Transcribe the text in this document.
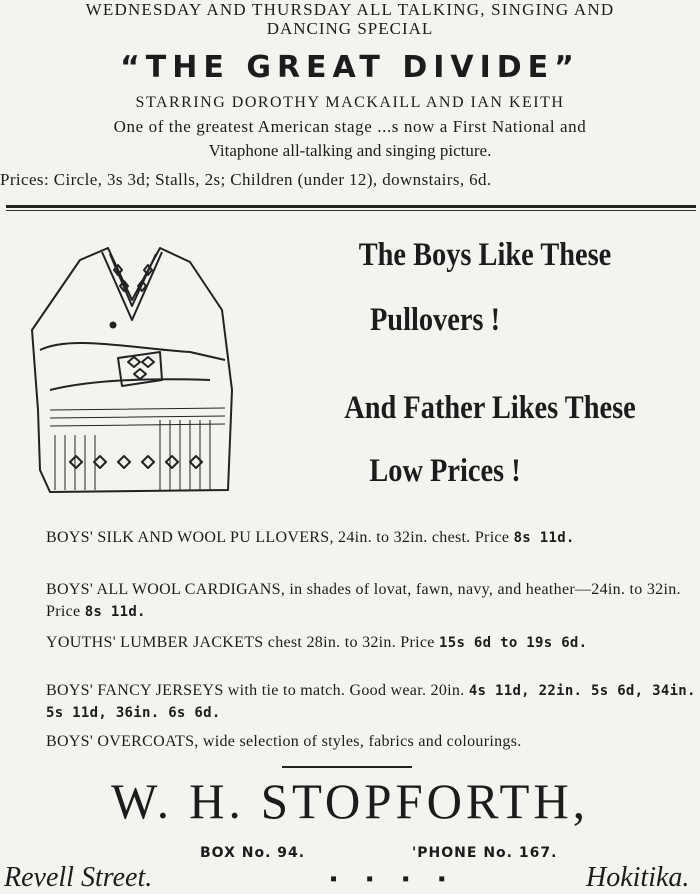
WEDNESDAY AND THURSDAY ALL TALKING, SINGING AND
DANCING SPECIAL
“THE GREAT DIVIDE”
STARRING DOROTHY MACKAILL AND IAN KEITH
One of the greatest American stage ...s now a First National and
Vitaphone all-talking and singing picture.
Prices: Circle, 3s 3d; Stalls, 2s; Children (under 12), downstairs, 6d.
The Boys Like These
Pullovers !
And Father Likes These
Low Prices !
BOYS' SILK AND WOOL PU LLOVERS, 24in. to 32in. chest. Price 8s 11d.
BOYS' ALL WOOL CARDIGANS, in shades of lovat, fawn, navy, and heather—24in. to 32in. Price 8s 11d.
YOUTHS' LUMBER JACKETS chest 28in. to 32in. Price 15s 6d to 19s 6d.
BOYS' FANCY JERSEYS with tie to match. Good wear. 20in. 4s 11d, 22in. 5s 6d, 34in. 5s 11d, 36in. 6s 6d.
BOYS' OVERCOATS, wide selection of styles, fabrics and colourings.
W. H. STOPFORTH,
BOX No. 94.	'PHONE No. 167.
Revell Street.	▪ ▪ ▪ ▪	Hokitika.
